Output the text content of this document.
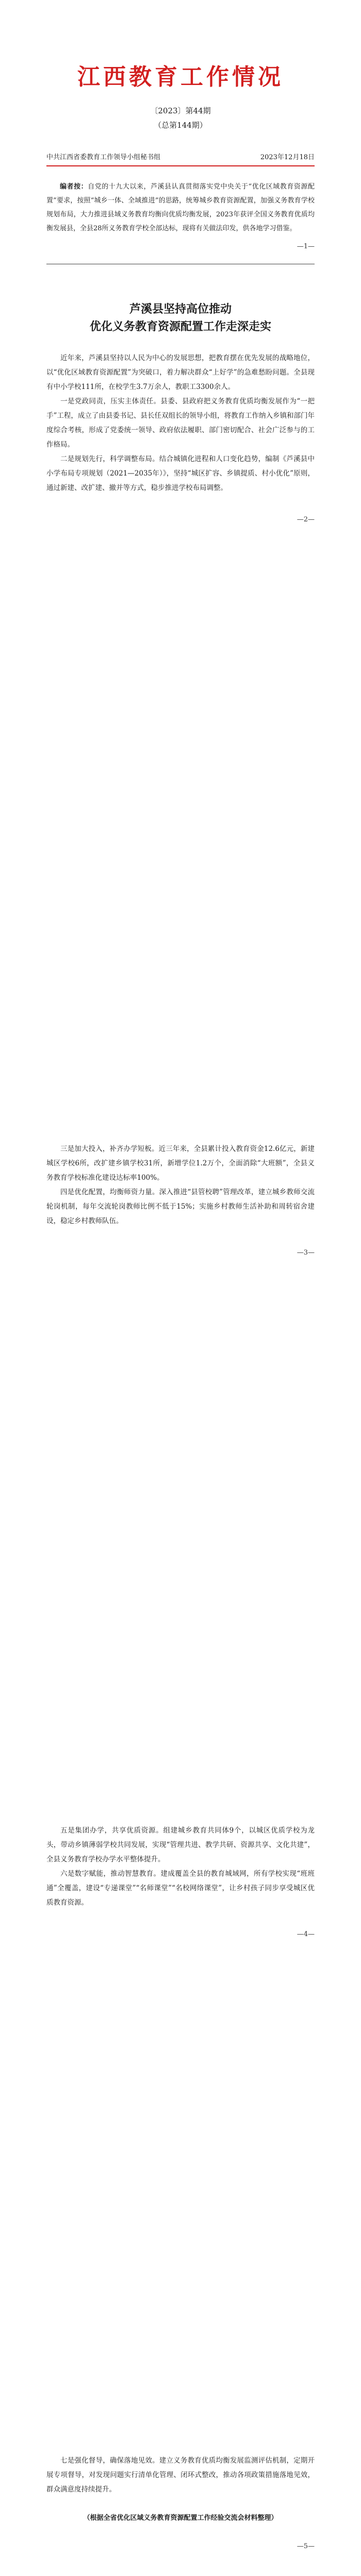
江西教育工作情况
〔2023〕第44期
（总第144期）
中共江西省委教育工作领导小组秘书组	2023年12月18日
编者按：自党的十九大以来，芦溪县认真贯彻落实党中央关于“优化区域教育资源配置”要求，按照“城乡一体、全域推进”的思路，统筹城乡教育资源配置，加强义务教育学校规划布局，大力推进县域义务教育均衡向优质均衡发展，2023年获评全国义务教育优质均衡发展县，全县28所义务教育学校全部达标，现将有关做法印发，供各地学习借鉴。
—1—
芦溪县坚持高位推动
优化义务教育资源配置工作走深走实

近年来，芦溪县坚持以人民为中心的发展思想，把教育摆在优先发展的战略地位，以“优化区域教育资源配置”为突破口，着力解决群众“上好学”的急难愁盼问题。全县现有中小学校111所，在校学生3.7万余人，教职工3300余人。

一是党政同责，压实主体责任。县委、县政府把义务教育优质均衡发展作为“一把手”工程，成立了由县委书记、县长任双组长的领导小组，将教育工作纳入乡镇和部门年度综合考核，形成了党委统一领导、政府依法履职、部门密切配合、社会广泛参与的工作格局。

二是规划先行，科学调整布局。结合城镇化进程和人口变化趋势，编制《芦溪县中小学布局专项规划（2021—2035年）》，坚持“城区扩容、乡镇提质、村小优化”原则，通过新建、改扩建、撤并等方式，稳步推进学校布局调整。

—2—

三是加大投入，补齐办学短板。近三年来，全县累计投入教育资金12.6亿元，新建城区学校6所，改扩建乡镇学校31所，新增学位1.2万个，全面消除“大班额”，全县义务教育学校标准化建设达标率100%。

四是优化配置，均衡师资力量。深入推进“县管校聘”管理改革，建立城乡教师交流轮岗机制，每年交流轮岗教师比例不低于15%；实施乡村教师生活补助和周转宿舍建设，稳定乡村教师队伍。

—3—

五是集团办学，共享优质资源。组建城乡教育共同体9个，以城区优质学校为龙头，带动乡镇薄弱学校共同发展，实现“管理共进、教学共研、资源共享、文化共建”，全县义务教育学校办学水平整体提升。

六是数字赋能，推动智慧教育。建成覆盖全县的教育城域网，所有学校实现“班班通”全覆盖，建设“专递课堂”“名师课堂”“名校网络课堂”，让乡村孩子同步享受城区优质教育资源。

—4—

七是强化督导，确保落地见效。建立义务教育优质均衡发展监测评估机制，定期开展专项督导，对发现问题实行清单化管理、闭环式整改，推动各项政策措施落地见效，群众满意度持续提升。

（根据全省优化区域义务教育资源配置工作经验交流会材料整理）
—5—
